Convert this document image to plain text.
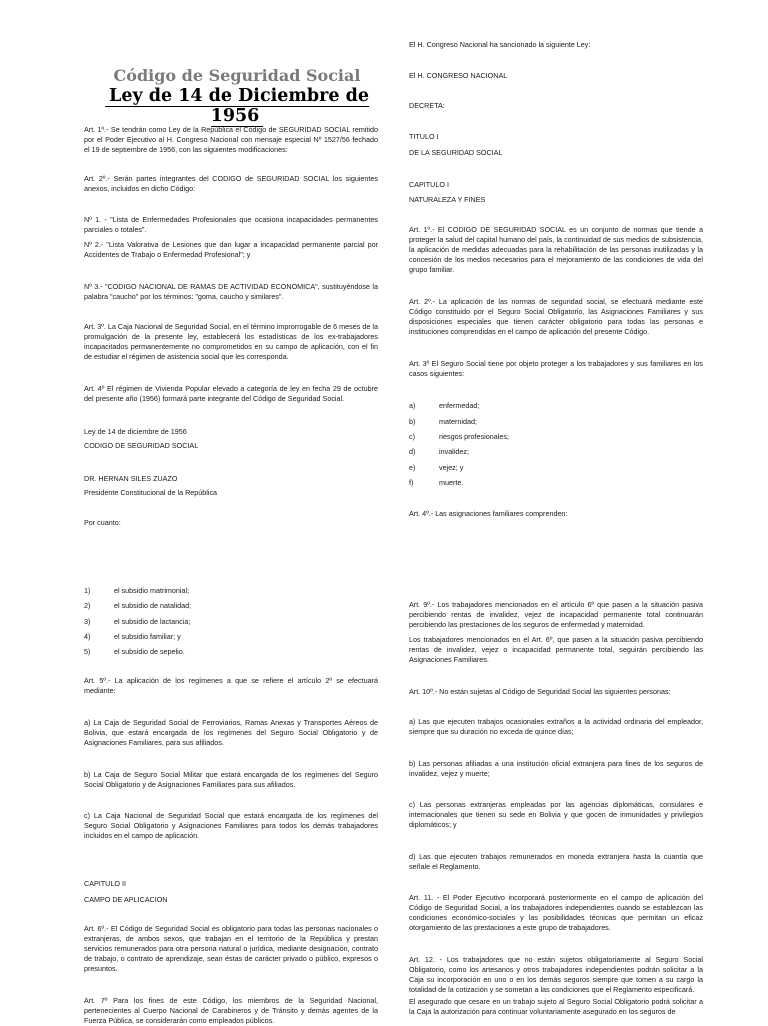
Código de Seguridad Social
Ley de 14 de Diciembre de 1956
Art. 1º.- Se tendrán como Ley de la República el Código de SEGURIDAD SOCIAL remitido por el Poder Ejecutivo al H. Congreso Nacional con mensaje especial Nº 1527/56 fechado el 19 de septiembre de 1956, con las siguientes modificaciones:
Art. 2º.- Serán partes integrantes del CODIGO de SEGURIDAD SOCIAL los siguientes anexos, incluidos en dicho Código:
Nº 1. - "Lista de Enfermedades Profesionales que ocasiona incapacidades permanentes parciales o totales".
Nº 2.- "Lista Valorativa de Lesiones que dan lugar a incapacidad permanente parcial por Accidentes de Trabajo o Enfermedad Profesional"; y
Nº 3.- "CODIGO NACIONAL DE RAMAS DE ACTIVIDAD ECONOMICA", sustituyéndose la palabra "caucho" por los términos: "goma, caucho y similares".
Art. 3º. La Caja Nacional de Seguridad Social, en el término improrrogable de 6 meses de la promulgación de la presente ley, establecerá los estadísticas de los ex-trabajadores incapacitados permanentemente no comprometidos en su campo de aplicación, con el fin de estudiar el régimen de asistencia social que les corresponda.
Art. 4º El régimen de Vivienda Popular elevado a categoría de ley en fecha 29 de octubre del presente año (1956) formará parte integrante del Código de Seguridad Social.
Ley de 14 de diciembre de 1956
CODIGO DE SEGURIDAD SOCIAL
DR. HERNAN SILES ZUAZO
Presidente Constitucional de la República
Por cuanto:
1)	el subsidio matrimonial;
2)	el subsidio de natalidad;
3)	el subsidio de lactancia;
4)	el subsidio familiar; y
5)	el subsidio de sepelio.
Art. 5º.- La aplicación de los regímenes a que se refiere el artículo 2º se efectuará mediante:
a) La Caja de Seguridad Social de Ferroviarios, Ramas Anexas y Transportes Aéreos de Bolivia, que estará encargada de los regímenes del Seguro Social Obligatorio y de Asignaciones Familiares, para sus afiliados.
b) La Caja de Seguro Social Militar que estará encargada de los regímenes del Seguro Social Obligatorio y de Asignaciones Familiares para sus afiliados.
c) La Caja Nacional de Seguridad Social que estará encargada de los regímenes del Seguro Social Obligatorio y Asignaciones Familiares para todos los demás trabajadores incluidos en el campo de aplicación.
CAPITULO II
CAMPO DE APLICACION
Art. 6º.- El Código de Seguridad Social es obligatorio para todas las personas nacionales o extranjeras, de ambos sexos, que trabajan en el territorio de la República y prestan servicios remunerados para otra persona natural o jurídica, mediante designación, contrato de trabajo, o contrato de aprendizaje, sean éstas de carácter privado o público, expresos o presuntos.
Art. 7º Para los fines de este Código, los miembros de la Seguridad Nacional, pertenecientes al Cuerpo Nacional de Carabineros y de Tránsito y demás agentes de la Fuerza Pública, se considerarán como empleados públicos.
El H. Congreso Nacional ha sancionado la siguiente Ley:
El H. CONGRESO NACIONAL
DECRETA:
TITULO I
DE LA SEGURIDAD SOCIAL
CAPITULO I
NATURALEZA Y FINES
Art. 1º.- El CODIGO DE SEGURIDAD SOCIAL es un conjunto de normas que tiende a proteger la salud del capital humano del país, la continuidad de sus medios de subsistencia, la aplicación de medidas adecuadas para la rehabilitación de las personas inutilizadas y la concesión de los medios necesarios para el mejoramiento de las condiciones de vida del grupo familiar.
Art. 2º.- La aplicación de las normas de seguridad social, se efectuará mediante este Código constituido por el Seguro Social Obligatorio, las Asignaciones Familiares y sus disposiciones especiales que tienen carácter obligatorio para todas las personas e instituciones comprendidas en el campo de aplicación del presente Código.
Art. 3º El Seguro Social tiene por objeto proteger a los trabajadores y sus familiares en los casos siguientes:
a)	enfermedad;
b)	maternidad;
c)	riesgos profesionales;
d)	invalidez;
e)	vejez; y
f)	muerte.
Art. 4º.- Las asignaciones familiares comprenden:
Art. 9º.- Los trabajadores mencionados en el artículo 6º que pasen a la situación pasiva percibiendo rentas de invalidez, vejez de incapacidad permanente total continuarán percibiendo las prestaciones de los seguros de enfermedad y maternidad.
Los trabajadores mencionados en el Art. 6º, que pasen a la situación pasiva percibiendo rentas de invalidez, vejez o incapacidad permanente total, seguirán percibiendo las Asignaciones Familiares.
Art. 10º.- No están sujetas al Código de Seguridad Social las siguientes personas:
a) Las que ejecuten trabajos ocasionales extraños a la actividad ordinaria del empleador, siempre que su duración no exceda de quince días;
b) Las personas afiliadas a una institución oficial extranjera para fines de los seguros de invalidez, vejez y muerte;
c) Las personas extranjeras empleadas por las agencias diplomáticas, consulares e internacionales que tienen su sede en Bolivia y que gocen de inmunidades y privilegios diplomáticos; y
d) Las que ejecuten trabajos remunerados en moneda extranjera hasta la cuantía que señale el Reglamento.
Art. 11. - El Poder Ejecutivo incorporará posteriormente en el campo de aplicación del Código de Seguridad Social, a los trabajadores independientes cuando se establezcan las condiciones económico-sociales y las posibilidades técnicas que permitan un eficaz otorgamiento de las prestaciones a este grupo de trabajadores.
Art. 12. - Los trabajadores que no están sujetos obligatoriamente al Seguro Social Obligatorio, como los artesanos y otros trabajadores independientes podrán solicitar a la Caja su incorporación en uno o en los demás seguros siempre que tomen a su cargo la totalidad de la cotización y se sometan a las condiciones que el Reglamento especificará.
El asegurado que cesare en un trabajo sujeto al Seguro Social Obligatorio podrá solicitar a la Caja la autorización para continuar voluntariamente asegurado en los seguros de
